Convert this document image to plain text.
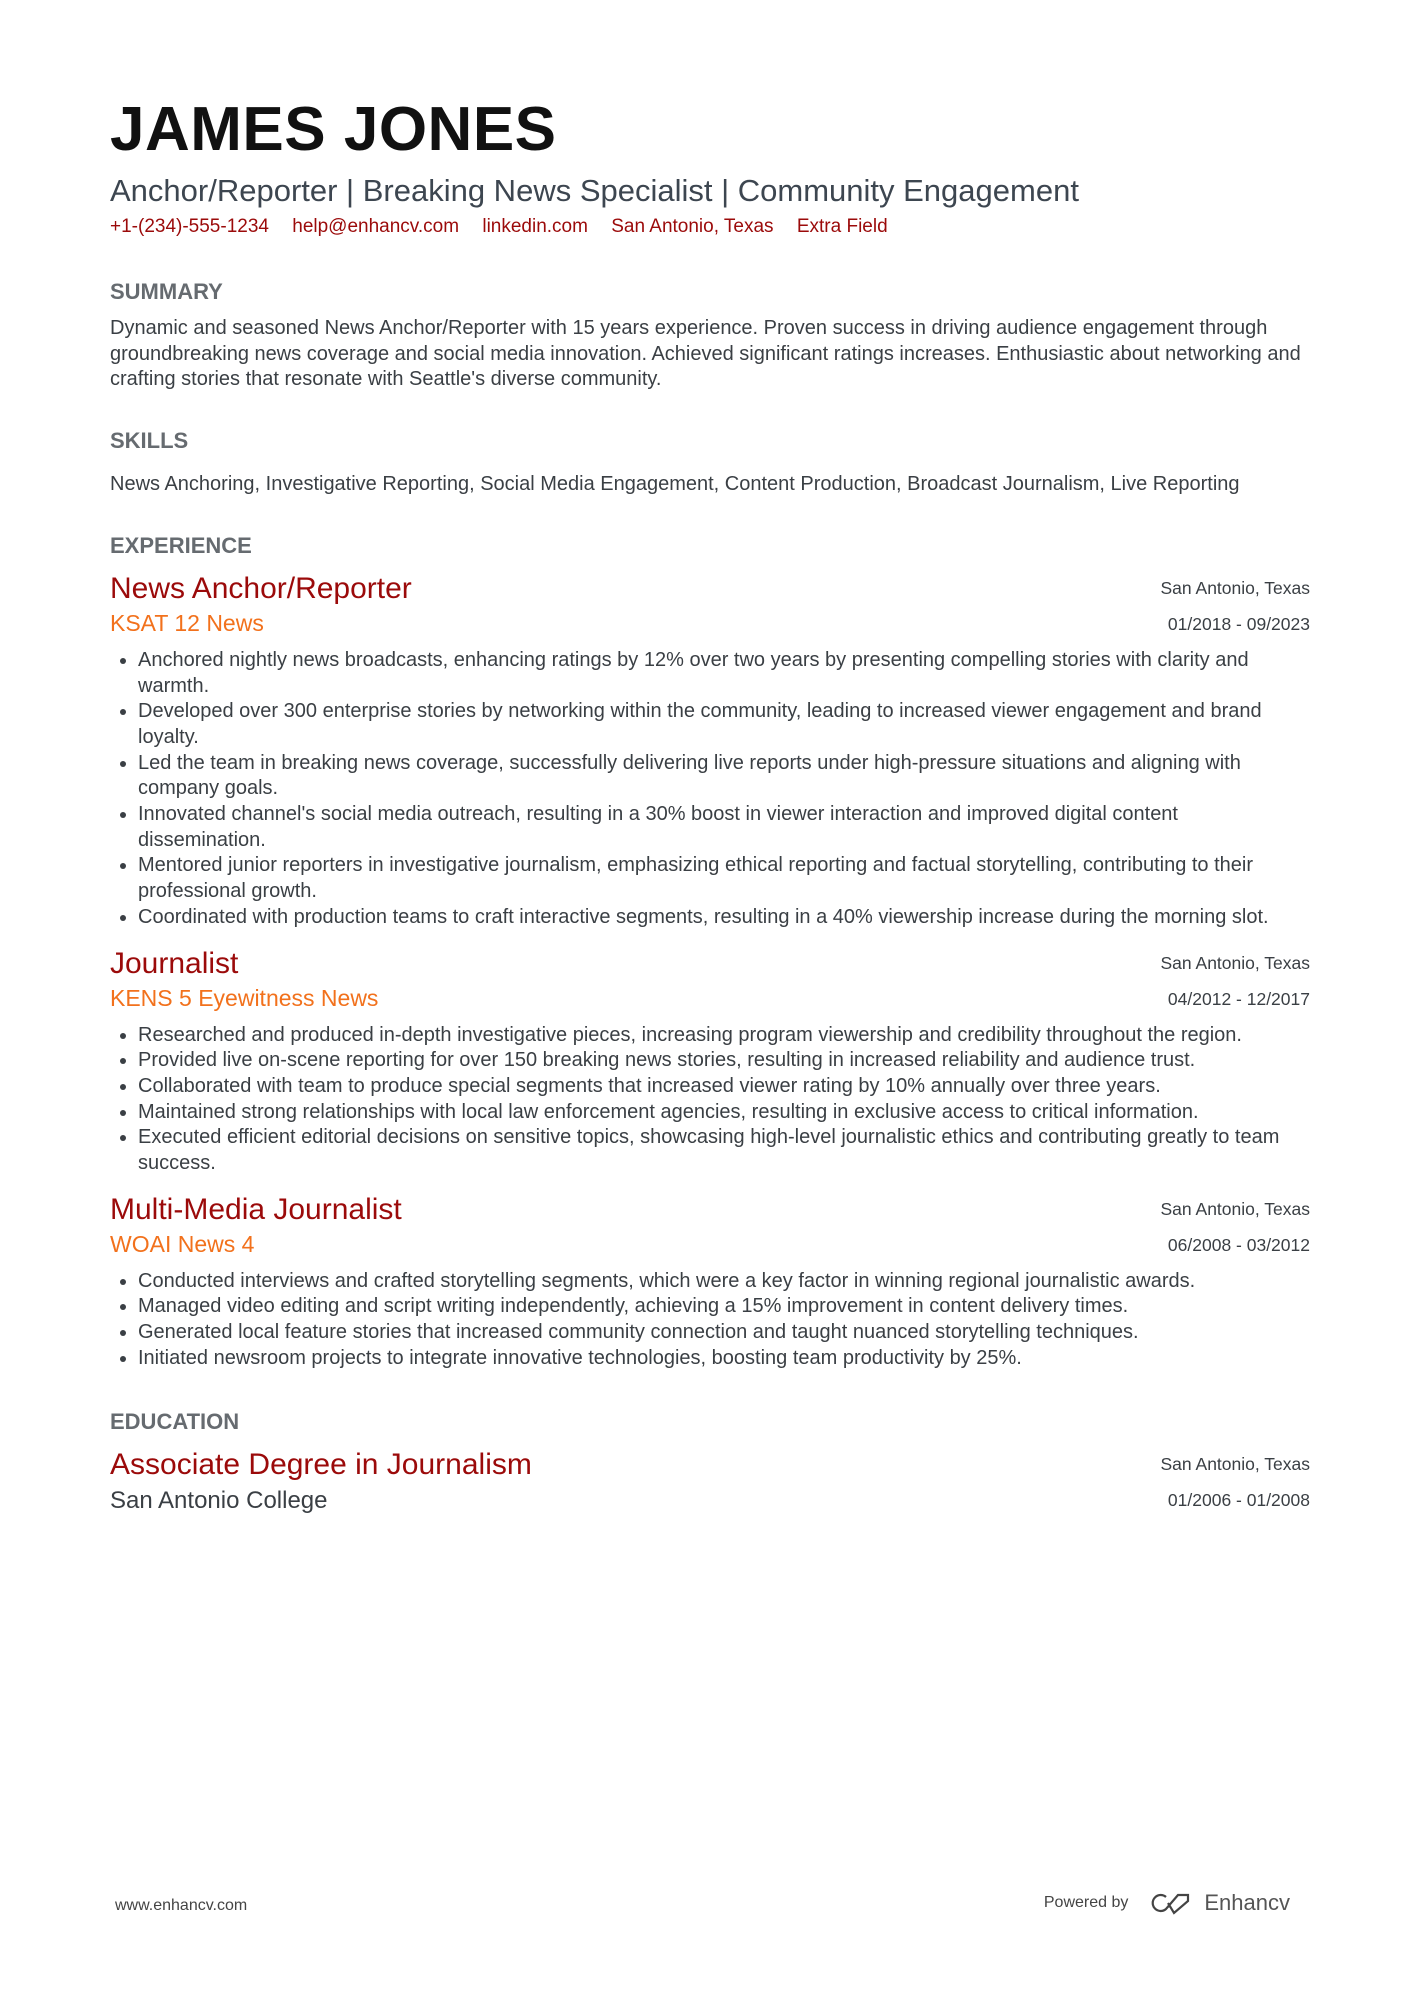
JAMES JONES
Anchor/Reporter | Breaking News Specialist | Community Engagement
+1-(234)-555-1234 help@enhancv.com linkedin.com San Antonio, Texas Extra Field
SUMMARY
Dynamic and seasoned News Anchor/Reporter with 15 years experience. Proven success in driving audience engagement through groundbreaking news coverage and social media innovation. Achieved significant ratings increases. Enthusiastic about networking and crafting stories that resonate with Seattle's diverse community.
SKILLS
News Anchoring, Investigative Reporting, Social Media Engagement, Content Production, Broadcast Journalism, Live Reporting
EXPERIENCE
News Anchor/Reporter
KSAT 12 News
San Antonio, Texas
01/2018 - 09/2023
• Anchored nightly news broadcasts, enhancing ratings by 12% over two years by presenting compelling stories with clarity and warmth.
• Developed over 300 enterprise stories by networking within the community, leading to increased viewer engagement and brand loyalty.
• Led the team in breaking news coverage, successfully delivering live reports under high-pressure situations and aligning with company goals.
• Innovated channel's social media outreach, resulting in a 30% boost in viewer interaction and improved digital content dissemination.
• Mentored junior reporters in investigative journalism, emphasizing ethical reporting and factual storytelling, contributing to their professional growth.
• Coordinated with production teams to craft interactive segments, resulting in a 40% viewership increase during the morning slot.
Journalist
KENS 5 Eyewitness News
San Antonio, Texas
04/2012 - 12/2017
• Researched and produced in-depth investigative pieces, increasing program viewership and credibility throughout the region.
• Provided live on-scene reporting for over 150 breaking news stories, resulting in increased reliability and audience trust.
• Collaborated with team to produce special segments that increased viewer rating by 10% annually over three years.
• Maintained strong relationships with local law enforcement agencies, resulting in exclusive access to critical information.
• Executed efficient editorial decisions on sensitive topics, showcasing high-level journalistic ethics and contributing greatly to team success.
Multi-Media Journalist
WOAI News 4
San Antonio, Texas
06/2008 - 03/2012
• Conducted interviews and crafted storytelling segments, which were a key factor in winning regional journalistic awards.
• Managed video editing and script writing independently, achieving a 15% improvement in content delivery times.
• Generated local feature stories that increased community connection and taught nuanced storytelling techniques.
• Initiated newsroom projects to integrate innovative technologies, boosting team productivity by 25%.
EDUCATION
Associate Degree in Journalism
San Antonio College
San Antonio, Texas
01/2006 - 01/2008
www.enhancv.com	Powered by	Enhancv
